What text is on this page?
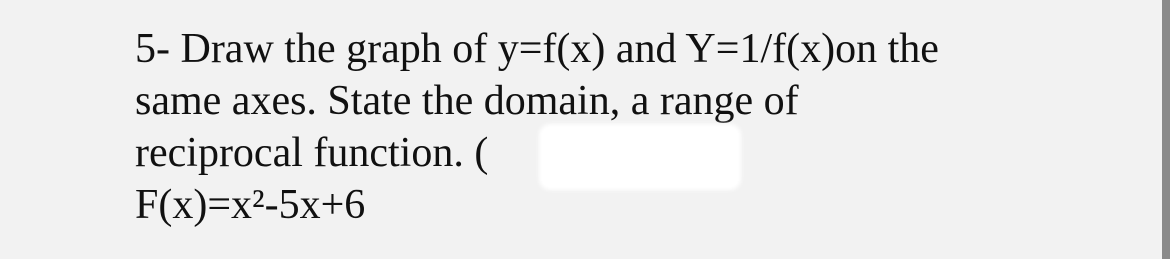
5- Draw the graph of y=f(x) and Y=1/f(x)on the
same axes. State the domain, a range of
reciprocal function. (
F(x)=x²-5x+6
